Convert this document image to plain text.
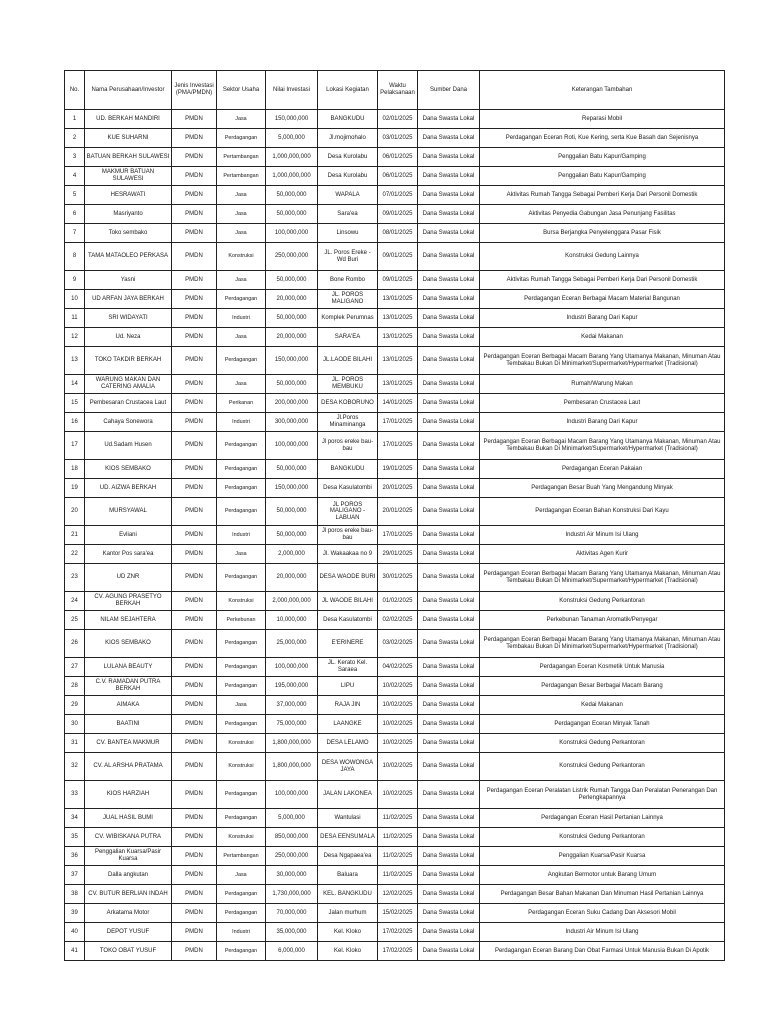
No.	Nama Perusahaan/Investor	Jenis Investasi (PMA/PMDN)	Sektor Usaha	Nilai Investasi	Lokasi Kegiatan	Waktu Pelaksanaan	Sumber Dana	Keterangan Tambahan
1	UD. BERKAH MANDIRI	PMDN	Jasa	150,000,000	BANGKUDU	02/01/2025	Dana Swasta Lokal	Reparasi Mobil
2	KUE SUHARNI	PMDN	Perdagangan	5,000,000	Jl.mojimohalo	03/01/2025	Dana Swasta Lokal	Perdagangan Eceran Roti, Kue Kering, serta Kue Basah dan Sejenisnya
3	BATUAN BERKAH SULAWESI	PMDN	Pertambangan	1,000,000,000	Desa Kurolabu	06/01/2025	Dana Swasta Lokal	Penggalian Batu Kapur/Gamping
4	MAKMUR BATUAN SULAWESI	PMDN	Pertambangan	1,000,000,000	Desa Kurolabu	06/01/2025	Dana Swasta Lokal	Penggalian Batu Kapur/Gamping
5	HESRAWATI	PMDN	Jasa	50,000,000	WAPALA	07/01/2025	Dana Swasta Lokal	Aktivitas Rumah Tangga Sebagai Pemberi Kerja Dari Personil Domestik
6	Masriyanto	PMDN	Jasa	50,000,000	Sara'ea	09/01/2025	Dana Swasta Lokal	Aktivitas Penyedia Gabungan Jasa Penunjang Fasilitas
7	Toko sembako	PMDN	Jasa	100,000,000	Linsowu	08/01/2025	Dana Swasta Lokal	Bursa Berjangka Penyelenggara Pasar Fisik
8	TAMA MATAOLEO PERKASA	PMDN	Konstruksi	250,000,000	JL. Poros Ereke - Wd Buri	09/01/2025	Dana Swasta Lokal	Konstruksi Gedung Lainnya
9	Yasni	PMDN	Jasa	50,000,000	Bone Rombo	09/01/2025	Dana Swasta Lokal	Aktivitas Rumah Tangga Sebagai Pemberi Kerja Dari Personil Domestik
10	UD ARFAN JAYA BERKAH	PMDN	Perdagangan	20,000,000	JL. POROS MALIGANO	13/01/2025	Dana Swasta Lokal	Perdagangan Eceran Berbagai Macam Material Bangunan
11	SRI WIDAYATI	PMDN	Industri	50,000,000	Komplek Perumnas	13/01/2025	Dana Swasta Lokal	Industri Barang Dari Kapur
12	Ud. Neza	PMDN	Jasa	20,000,000	SARA'EA	13/01/2025	Dana Swasta Lokal	Kedai Makanan
13	TOKO TAKDIR BERKAH	PMDN	Perdagangan	150,000,000	JL.LAODE BILAHI	13/01/2025	Dana Swasta Lokal	Perdagangan Eceran Berbagai Macam Barang Yang Utamanya Makanan, Minuman Atau Tembakau Bukan Di Minimarket/Supermarket/Hypermarket (Tradisional)
14	WARUNG MAKAN DAN CATERING AMALIA	PMDN	Jasa	50,000,000	JL. POROS MEMBUKU	13/01/2025	Dana Swasta Lokal	Rumah/Warung Makan
15	Pembesaran Crustacea Laut	PMDN	Perikanan	200,000,000	DESA KOBORUNO	14/01/2025	Dana Swasta Lokal	Pembesaran Crustacea Laut
16	Cahaya Sonewora	PMDN	Industri	300,000,000	Jl.Poros Minaminanga	17/01/2025	Dana Swasta Lokal	Industri Barang Dari Kapur
17	Ud.Sadam Husen	PMDN	Perdagangan	100,000,000	Jl poros ereke bau-bau	17/01/2025	Dana Swasta Lokal	Perdagangan Eceran Berbagai Macam Barang Yang Utamanya Makanan, Minuman Atau Tembakau Bukan Di Minimarket/Supermarket/Hypermarket (Tradisional)
18	KIOS SEMBAKO	PMDN	Perdagangan	50,000,000	BANGKUDU	19/01/2025	Dana Swasta Lokal	Perdagangan Eceran Pakaian
19	UD. AIZWA BERKAH	PMDN	Perdagangan	150,000,000	Desa Kasulatombi	20/01/2025	Dana Swasta Lokal	Perdagangan Besar Buah Yang Mengandung Minyak
20	MURSYAWAL	PMDN	Perdagangan	50,000,000	JL POROS MALIGANO - LABUAN	20/01/2025	Dana Swasta Lokal	Perdagangan Eceran Bahan Konstruksi Dari Kayu
21	Evliani	PMDN	Industri	50,000,000	Jl poros ereke bau-bau	17/01/2025	Dana Swasta Lokal	Industri Air Minum Isi Ulang
22	Kantor Pos sara'ea	PMDN	Jasa	2,000,000	Jl. Wakaakaa no 9	29/01/2025	Dana Swasta Lokal	Aktivitas Agen Kurir
23	UD ZNR	PMDN	Perdagangan	20,000,000	DESA WAODE BURI	30/01/2025	Dana Swasta Lokal	Perdagangan Eceran Berbagai Macam Barang Yang Utamanya Makanan, Minuman Atau Tembakau Bukan Di Minimarket/Supermarket/Hypermarket (Tradisional)
24	CV. AGUNG PRASETYO BERKAH	PMDN	Konstruksi	2,000,000,000	JL WAODE BILAHI	01/02/2025	Dana Swasta Lokal	Konstruksi Gedung Perkantoran
25	NILAM SEJAHTERA	PMDN	Perkebunan	10,000,000	Desa Kasulatombi	02/02/2025	Dana Swasta Lokal	Perkebunan Tanaman Aromatik/Penyegar
26	KIOS SEMBAKO	PMDN	Perdagangan	25,000,000	E'ERINERE	03/02/2025	Dana Swasta Lokal	Perdagangan Eceran Berbagai Macam Barang Yang Utamanya Makanan, Minuman Atau Tembakau Bukan Di Minimarket/Supermarket/Hypermarket (Tradisional)
27	LULANA BEAUTY	PMDN	Perdagangan	100,000,000	JL. Kerato Kel. Saraea	04/02/2025	Dana Swasta Lokal	Perdagangan Eceran Kosmetik Untuk Manusia
28	C.V. RAMADAN PUTRA BERKAH	PMDN	Perdagangan	195,000,000	LIPU	10/02/2025	Dana Swasta Lokal	Perdagangan Besar Berbagai Macam Barang
29	AIMAKA	PMDN	Jasa	37,000,000	RAJA JIN	10/02/2025	Dana Swasta Lokal	Kedai Makanan
30	BAATINI	PMDN	Perdagangan	75,000,000	LAANGKE	10/02/2025	Dana Swasta Lokal	Perdagangan Eceran Minyak Tanah
31	CV. BANTEA MAKMUR	PMDN	Konstruksi	1,800,000,000	DESA LELAMO	10/02/2025	Dana Swasta Lokal	Konstruksi Gedung Perkantoran
32	CV. AL ARSHA PRATAMA	PMDN	Konstruksi	1,800,000,000	DESA WOWONGA JAYA	10/02/2025	Dana Swasta Lokal	Konstruksi Gedung Perkantoran
33	KIOS HARZIAH	PMDN	Perdagangan	100,000,000	JALAN LAKONEA	10/02/2025	Dana Swasta Lokal	Perdagangan Eceran Peralatan Listrik Rumah Tangga Dan Peralatan Penerangan Dan Perlengkapannya
34	JUAL HASIL BUMI	PMDN	Perdagangan	5,000,000	Wantulasi	11/02/2025	Dana Swasta Lokal	Perdagangan Eceran Hasil Pertanian Lainnya
35	CV. WIBISKANA PUTRA	PMDN	Konstruksi	850,000,000	DESA EENSUMALA	11/02/2025	Dana Swasta Lokal	Konstruksi Gedung Perkantoran
36	Penggalian Kuarsa/Pasir Kuarsa	PMDN	Pertambangan	250,000,000	Desa Ngapaea'ea	11/02/2025	Dana Swasta Lokal	Penggalian Kuarsa/Pasir Kuarsa
37	Dalla angkutan	PMDN	Jasa	30,000,000	Baluara	11/02/2025	Dana Swasta Lokal	Angkutan Bermotor untuk Barang Umum
38	CV. BUTUR BERLIAN INDAH	PMDN	Perdagangan	1,730,000,000	KEL. BANGKUDU	12/02/2025	Dana Swasta Lokal	Perdagangan Besar Bahan Makanan Dan Minuman Hasil Pertanian Lainnya
39	Arkatama Motor	PMDN	Perdagangan	70,000,000	Jalan murhum	15/02/2025	Dana Swasta Lokal	Perdagangan Eceran Suku Cadang Dan Aksesori Mobil
40	DEPOT YUSUF	PMDN	Industri	35,000,000	Kel. Kloko	17/02/2025	Dana Swasta Lokal	Industri Air Minum Isi Ulang
41	TOKO OBAT YUSUF	PMDN	Perdagangan	6,000,000	Kel. Kloko	17/02/2025	Dana Swasta Lokal	Perdagangan Eceran Barang Dan Obat Farmasi Untuk Manusia Bukan Di Apotik
